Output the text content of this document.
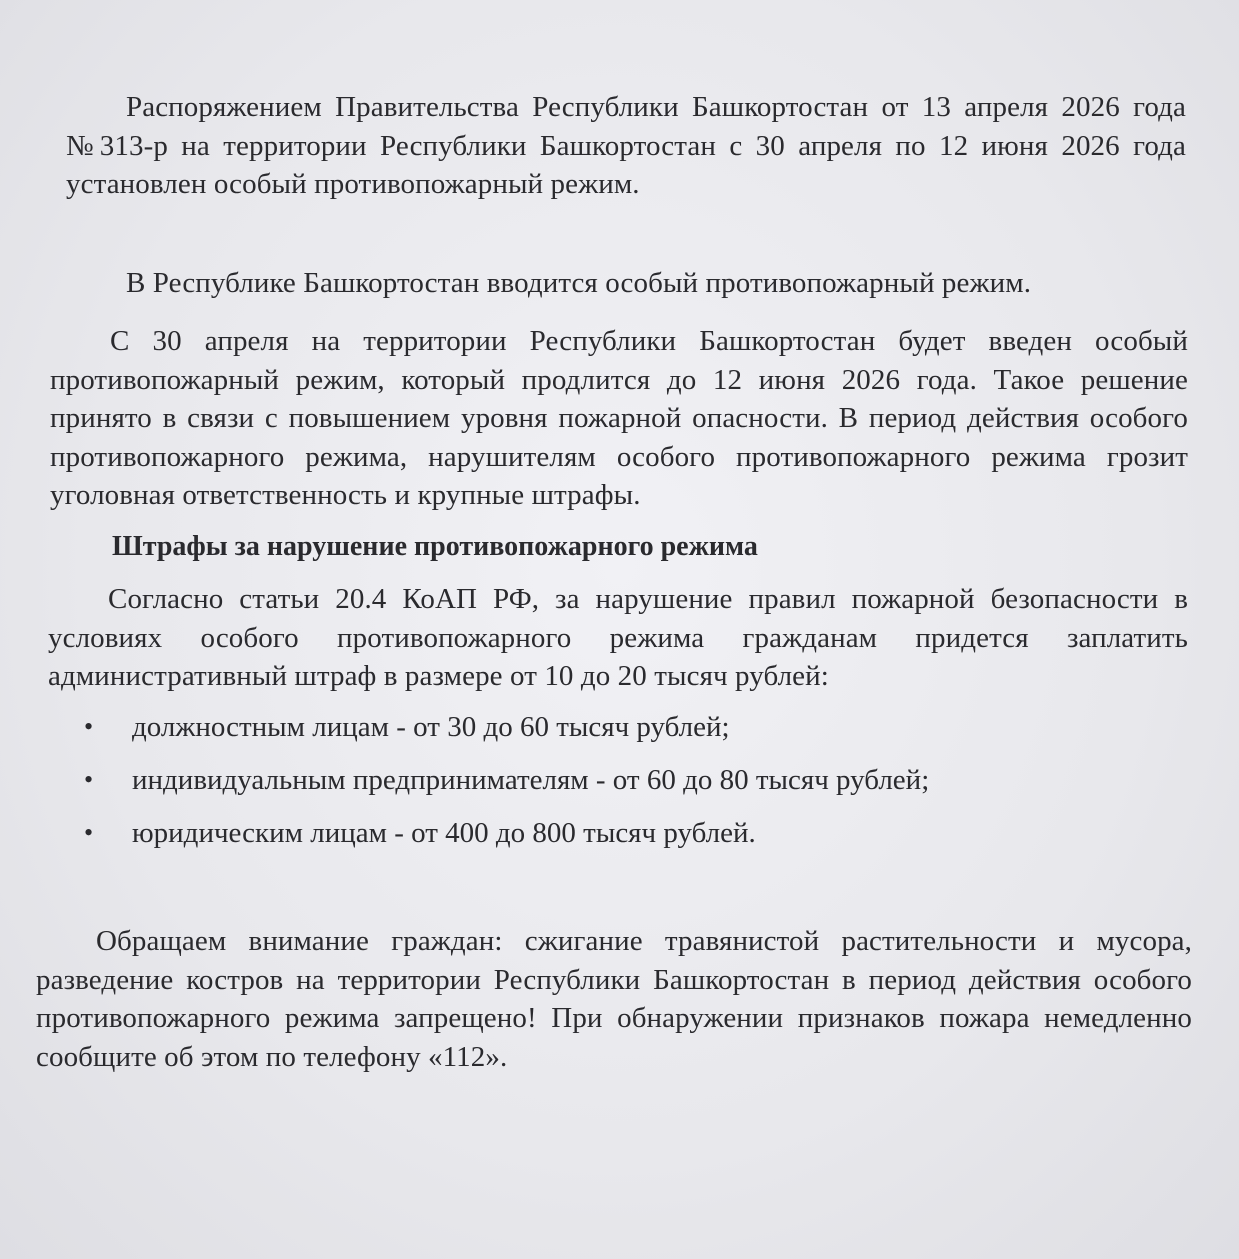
Распоряжением Правительства Республики Башкортостан от 13 апреля 2026 года №313-р на территории Республики Башкортостан с 30 апреля по 12 июня 2026 года установлен особый противопожарный режим.

В Республике Башкортостан вводится особый противопожарный режим.

С 30 апреля на территории Республики Башкортостан будет введен особый противопожарный режим, который продлится до 12 июня 2026 года. Такое решение принято в связи с повышением уровня пожарной опасности. В период действия особого противопожарного режима, нарушителям особого противопожарного режима грозит уголовная ответственность и крупные штрафы.

Штрафы за нарушение противопожарного режима

Согласно статьи 20.4 КоАП РФ, за нарушение правил пожарной безопасности в условиях особого противопожарного режима гражданам придется заплатить административный штраф в размере от 10 до 20 тысяч рублей:

• должностным лицам - от 30 до 60 тысяч рублей;
• индивидуальным предпринимателям - от 60 до 80 тысяч рублей;
• юридическим лицам - от 400 до 800 тысяч рублей.

Обращаем внимание граждан: сжигание травянистой растительности и мусора, разведение костров на территории Республики Башкортостан в период действия особого противопожарного режима запрещено! При обнаружении признаков пожара немедленно сообщите об этом по телефону «112».
